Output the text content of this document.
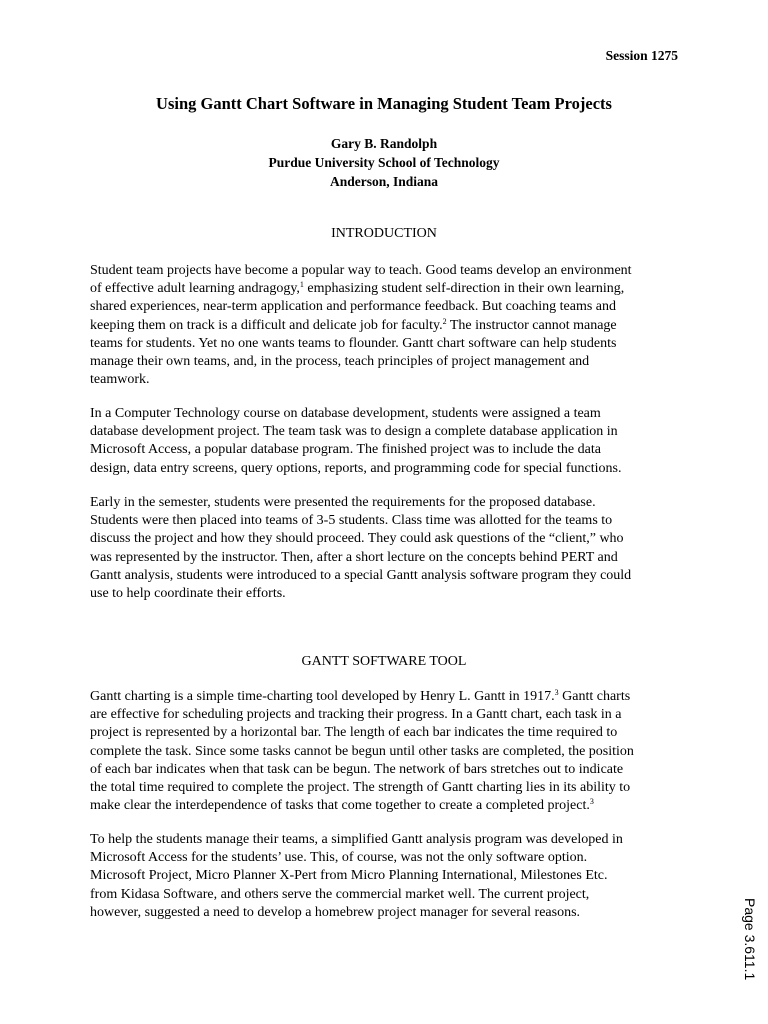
Session 1275
Using Gantt Chart Software in Managing Student Team Projects
Gary B. Randolph
Purdue University School of Technology
Anderson, Indiana
INTRODUCTION
Student team projects have become a popular way to teach. Good teams develop an environment
of effective adult learning andragogy,$^1$ emphasizing student self-direction in their own learning,
shared experiences, near-term application and performance feedback. But coaching teams and
keeping them on track is a difficult and delicate job for faculty.$^2$ The instructor cannot manage
teams for students. Yet no one wants teams to flounder. Gantt chart software can help students
manage their own teams, and, in the process, teach principles of project management and
teamwork.
In a Computer Technology course on database development, students were assigned a team
database development project. The team task was to design a complete database application in
Microsoft Access, a popular database program. The finished project was to include the data
design, data entry screens, query options, reports, and programming code for special functions.
Early in the semester, students were presented the requirements for the proposed database.
Students were then placed into teams of 3-5 students. Class time was allotted for the teams to
discuss the project and how they should proceed. They could ask questions of the “client,” who
was represented by the instructor. Then, after a short lecture on the concepts behind PERT and
Gantt analysis, students were introduced to a special Gantt analysis software program they could
use to help coordinate their efforts.
GANTT SOFTWARE TOOL
Gantt charting is a simple time-charting tool developed by Henry L. Gantt in 1917.$^3$ Gantt charts
are effective for scheduling projects and tracking their progress. In a Gantt chart, each task in a
project is represented by a horizontal bar. The length of each bar indicates the time required to
complete the task. Since some tasks cannot be begun until other tasks are completed, the position
of each bar indicates when that task can be begun. The network of bars stretches out to indicate
the total time required to complete the project. The strength of Gantt charting lies in its ability to
make clear the interdependence of tasks that come together to create a completed project.$^3$
To help the students manage their teams, a simplified Gantt analysis program was developed in
Microsoft Access for the students’ use. This, of course, was not the only software option.
Microsoft Project, Micro Planner X-Pert from Micro Planning International, Milestones Etc.
from Kidasa Software, and others serve the commercial market well. The current project,
however, suggested a need to develop a homebrew project manager for several reasons.	Page 3.611.1
